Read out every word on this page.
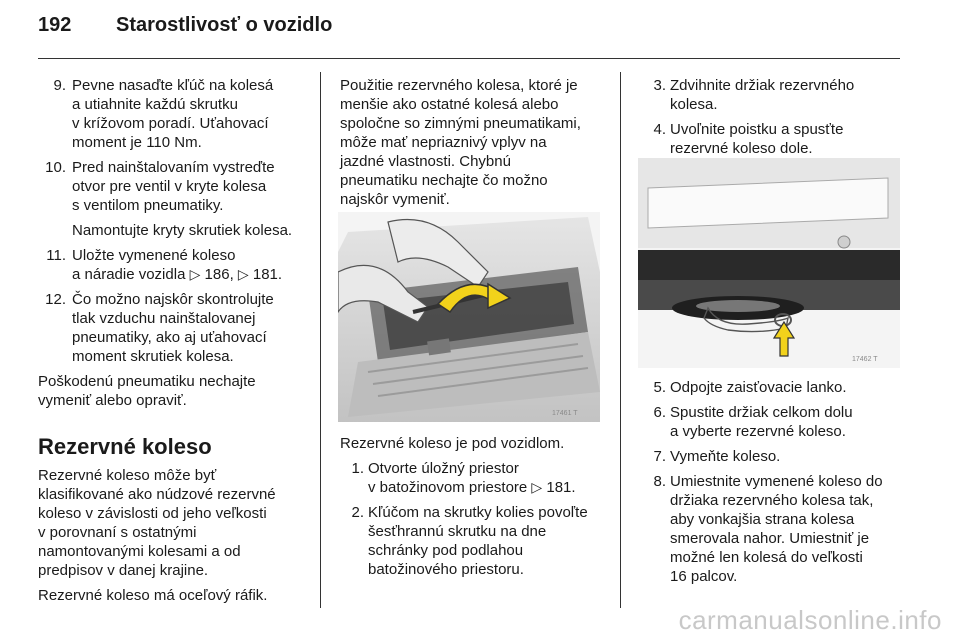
192 Starostlivosť o vozidlo
9. Pevne nasaďte kľúč na kolesá
a utiahnite každú skrutku
v krížovom poradí. Uťahovací
moment je 110 Nm.
10. Pred nainštalovaním vystreďte
otvor pre ventil v kryte kolesa
s ventilom pneumatiky.
Namontujte kryty skrutiek kolesa.
11. Uložte vymenené koleso
a náradie vozidla ▷ 186, ▷ 181.
12. Čo možno najskôr skontrolujte
tlak vzduchu nainštalovanej
pneumatiky, ako aj uťahovací
moment skrutiek kolesa.

Poškodenú pneumatiku nechajte
vymeniť alebo opraviť.

Rezervné koleso

Rezervné koleso môže byť
klasifikované ako núdzové rezervné
koleso v závislosti od jeho veľkosti
v porovnaní s ostatnými
namontovanými kolesami a od
predpisov v danej krajine.

Rezervné koleso má oceľový ráfik.

Použitie rezervného kolesa, ktoré je
menšie ako ostatné kolesá alebo
spoločne so zimnými pneumatikami,
môže mať nepriaznivý vplyv na
jazdné vlastnosti. Chybnú
pneumatiku nechajte čo možno
najskôr vymeniť.

17461 T

Rezervné koleso je pod vozidlom.

1. Otvorte úložný priestor
v batožinovom priestore ▷ 181.
2. Kľúčom na skrutky kolies povoľte
šesťhrannú skrutku na dne
schránky pod podlahou
batožinového priestoru.
3. Zdvihnite držiak rezervného
kolesa.
4. Uvoľnite poistku a spusťte
rezervné koleso dole.
17462 T
5. Odpojte zaisťovacie lanko.
6. Spustite držiak celkom dolu
a vyberte rezervné koleso.
7. Vymeňte koleso.
8. Umiestnite vymenené koleso do
držiaka rezervného kolesa tak,
aby vonkajšia strana kolesa
smerovala nahor. Umiestniť je
možné len kolesá do veľkosti
16 palcov.
carmanualsonline.info
